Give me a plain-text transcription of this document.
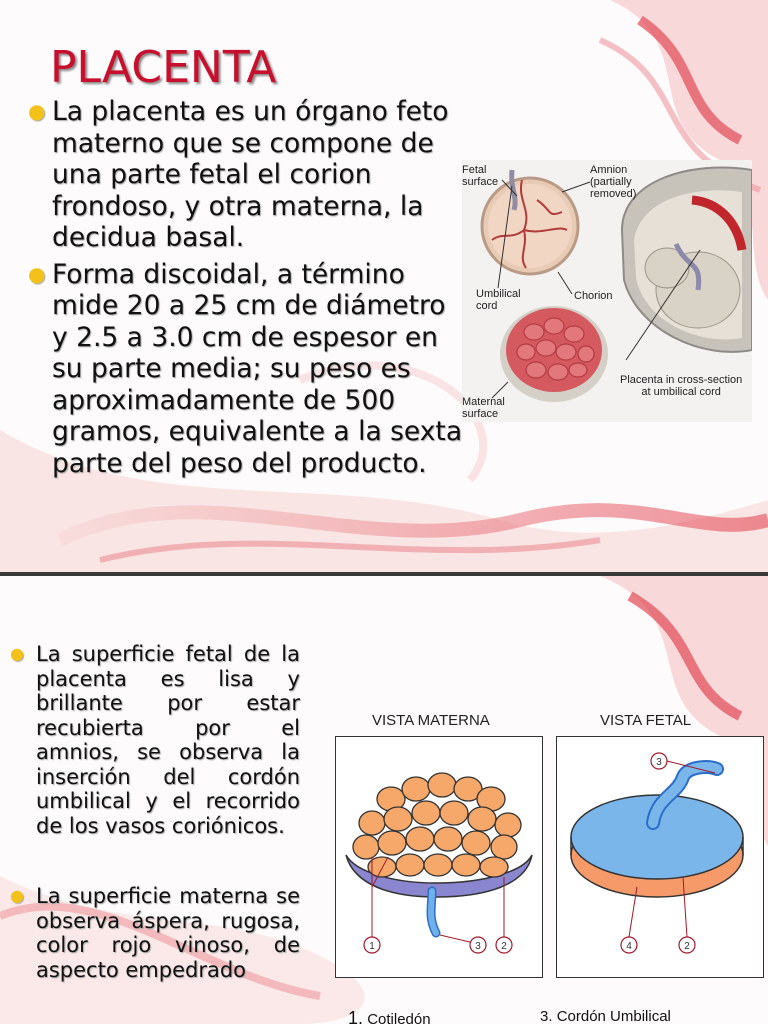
PLACENTA
● La placenta es un órgano feto materno que se compone de una parte fetal el corion frondoso, y otra materna, la decidua basal.
● Forma discoidal, a término mide 20 a 25 cm de diámetro y 2.5 a 3.0 cm de espesor en su parte media; su peso es aproximadamente de 500 gramos, equivalente a la sexta parte del peso del producto.
Fetal
surface
Amnion
(partially
removed)
Umbilical
cord
Chorion
Maternal
surface
Placenta in cross-section
at umbilical cord
● La superficie fetal de la placenta es lisa y brillante por estar recubierta por el amnios, se observa la inserción del cordón umbilical y el recorrido de los vasos coriónicos.
● La superficie materna se observa áspera, rugosa, color rojo vinoso, de aspecto empedrado
VISTA MATERNA	VISTA FETAL
1	3 2
3
4	2
1. Cotiledón	3. Cordón Umbilical
